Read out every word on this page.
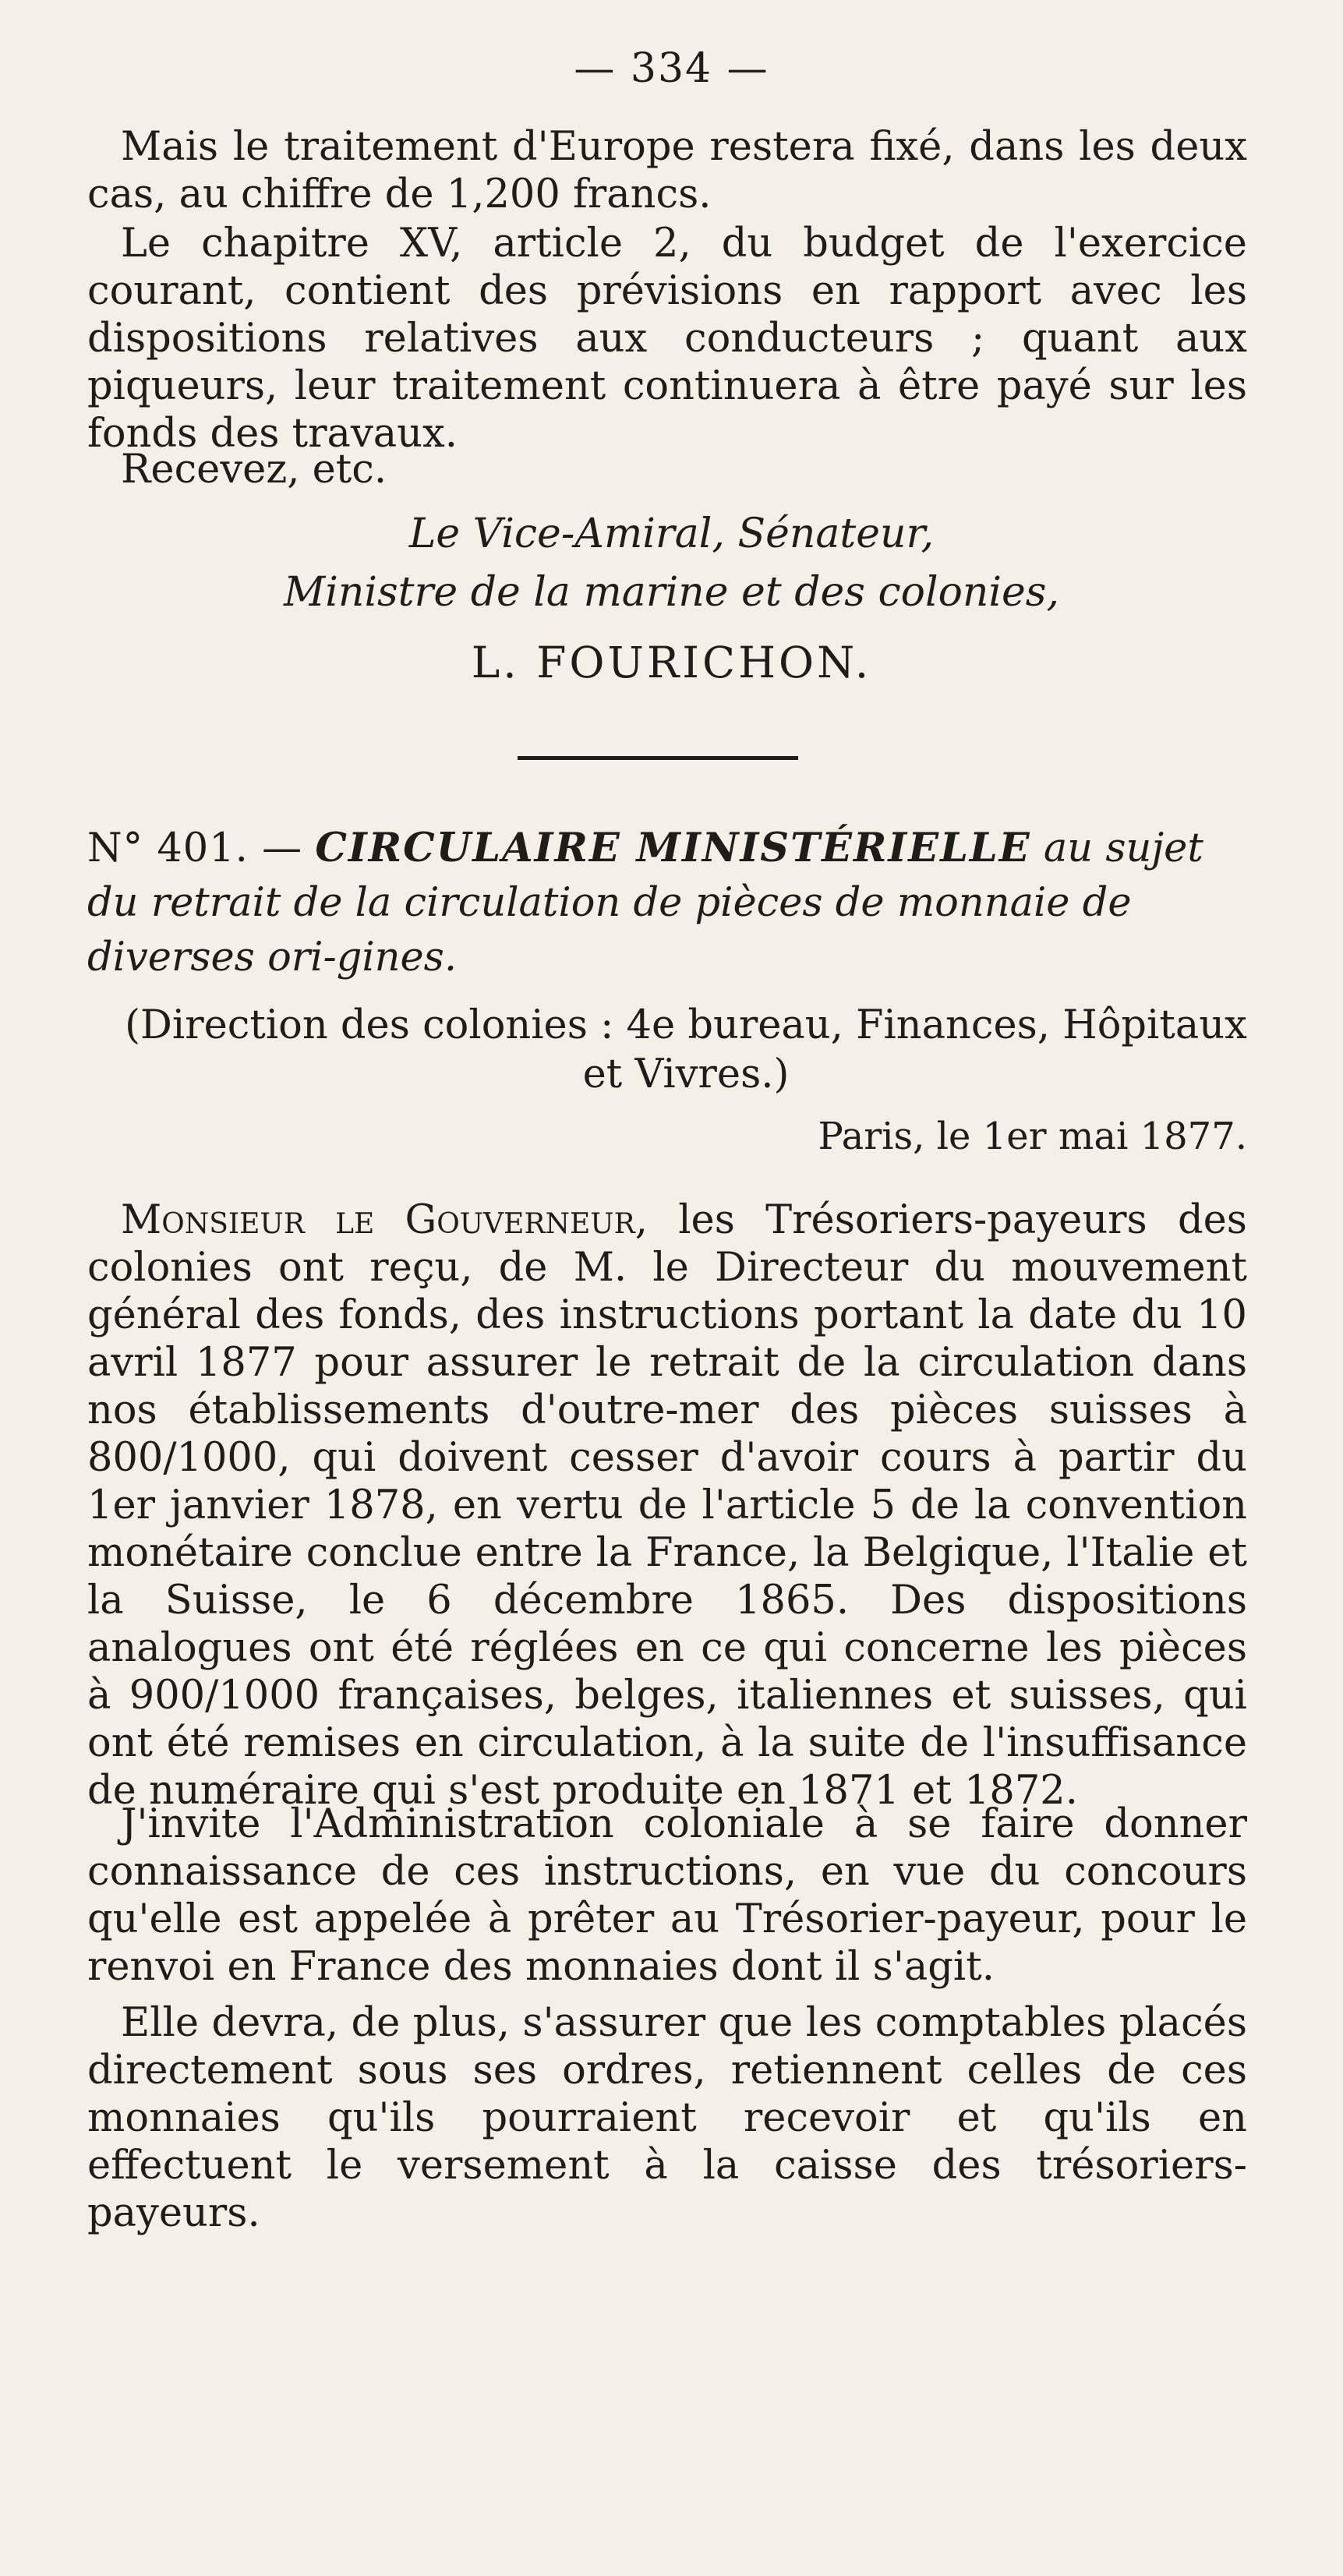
— 334 —

Mais le traitement d'Europe restera fixé, dans les deux cas, au chiffre de 1,200 francs.

Le chapitre XV, article 2, du budget de l'exercice courant, contient des prévisions en rapport avec les dispositions relatives aux conducteurs ; quant aux piqueurs, leur traitement continuera à être payé sur les fonds des travaux.

Recevez, etc.

Le Vice-Amiral, Sénateur,
Ministre de la marine et des colonies,
L. FOURICHON.
N° 401. — CIRCULAIRE MINISTÉRIELLE au sujet du retrait de la circulation de pièces de monnaie de diverses ori-gines.
(Direction des colonies : 4e bureau, Finances, Hôpitaux et Vivres.)
Paris, le 1er mai 1877.

Monsieur le Gouverneur, les Trésoriers-payeurs des colonies ont reçu, de M. le Directeur du mouvement général des fonds, des instructions portant la date du 10 avril 1877 pour assurer le retrait de la circulation dans nos établissements d'outre-mer des pièces suisses à 800/1000, qui doivent cesser d'avoir cours à partir du 1er janvier 1878, en vertu de l'article 5 de la convention monétaire conclue entre la France, la Belgique, l'Italie et la Suisse, le 6 décembre 1865. Des dispositions analogues ont été réglées en ce qui concerne les pièces à 900/1000 françaises, belges, italiennes et suisses, qui ont été remises en circulation, à la suite de l'insuffisance de numéraire qui s'est produite en 1871 et 1872.

J'invite l'Administration coloniale à se faire donner connaissance de ces instructions, en vue du concours qu'elle est appelée à prêter au Trésorier-payeur, pour le renvoi en France des monnaies dont il s'agit.

Elle devra, de plus, s'assurer que les comptables placés directement sous ses ordres, retiennent celles de ces monnaies qu'ils pourraient recevoir et qu'ils en effectuent le versement à la caisse des trésoriers-payeurs.
